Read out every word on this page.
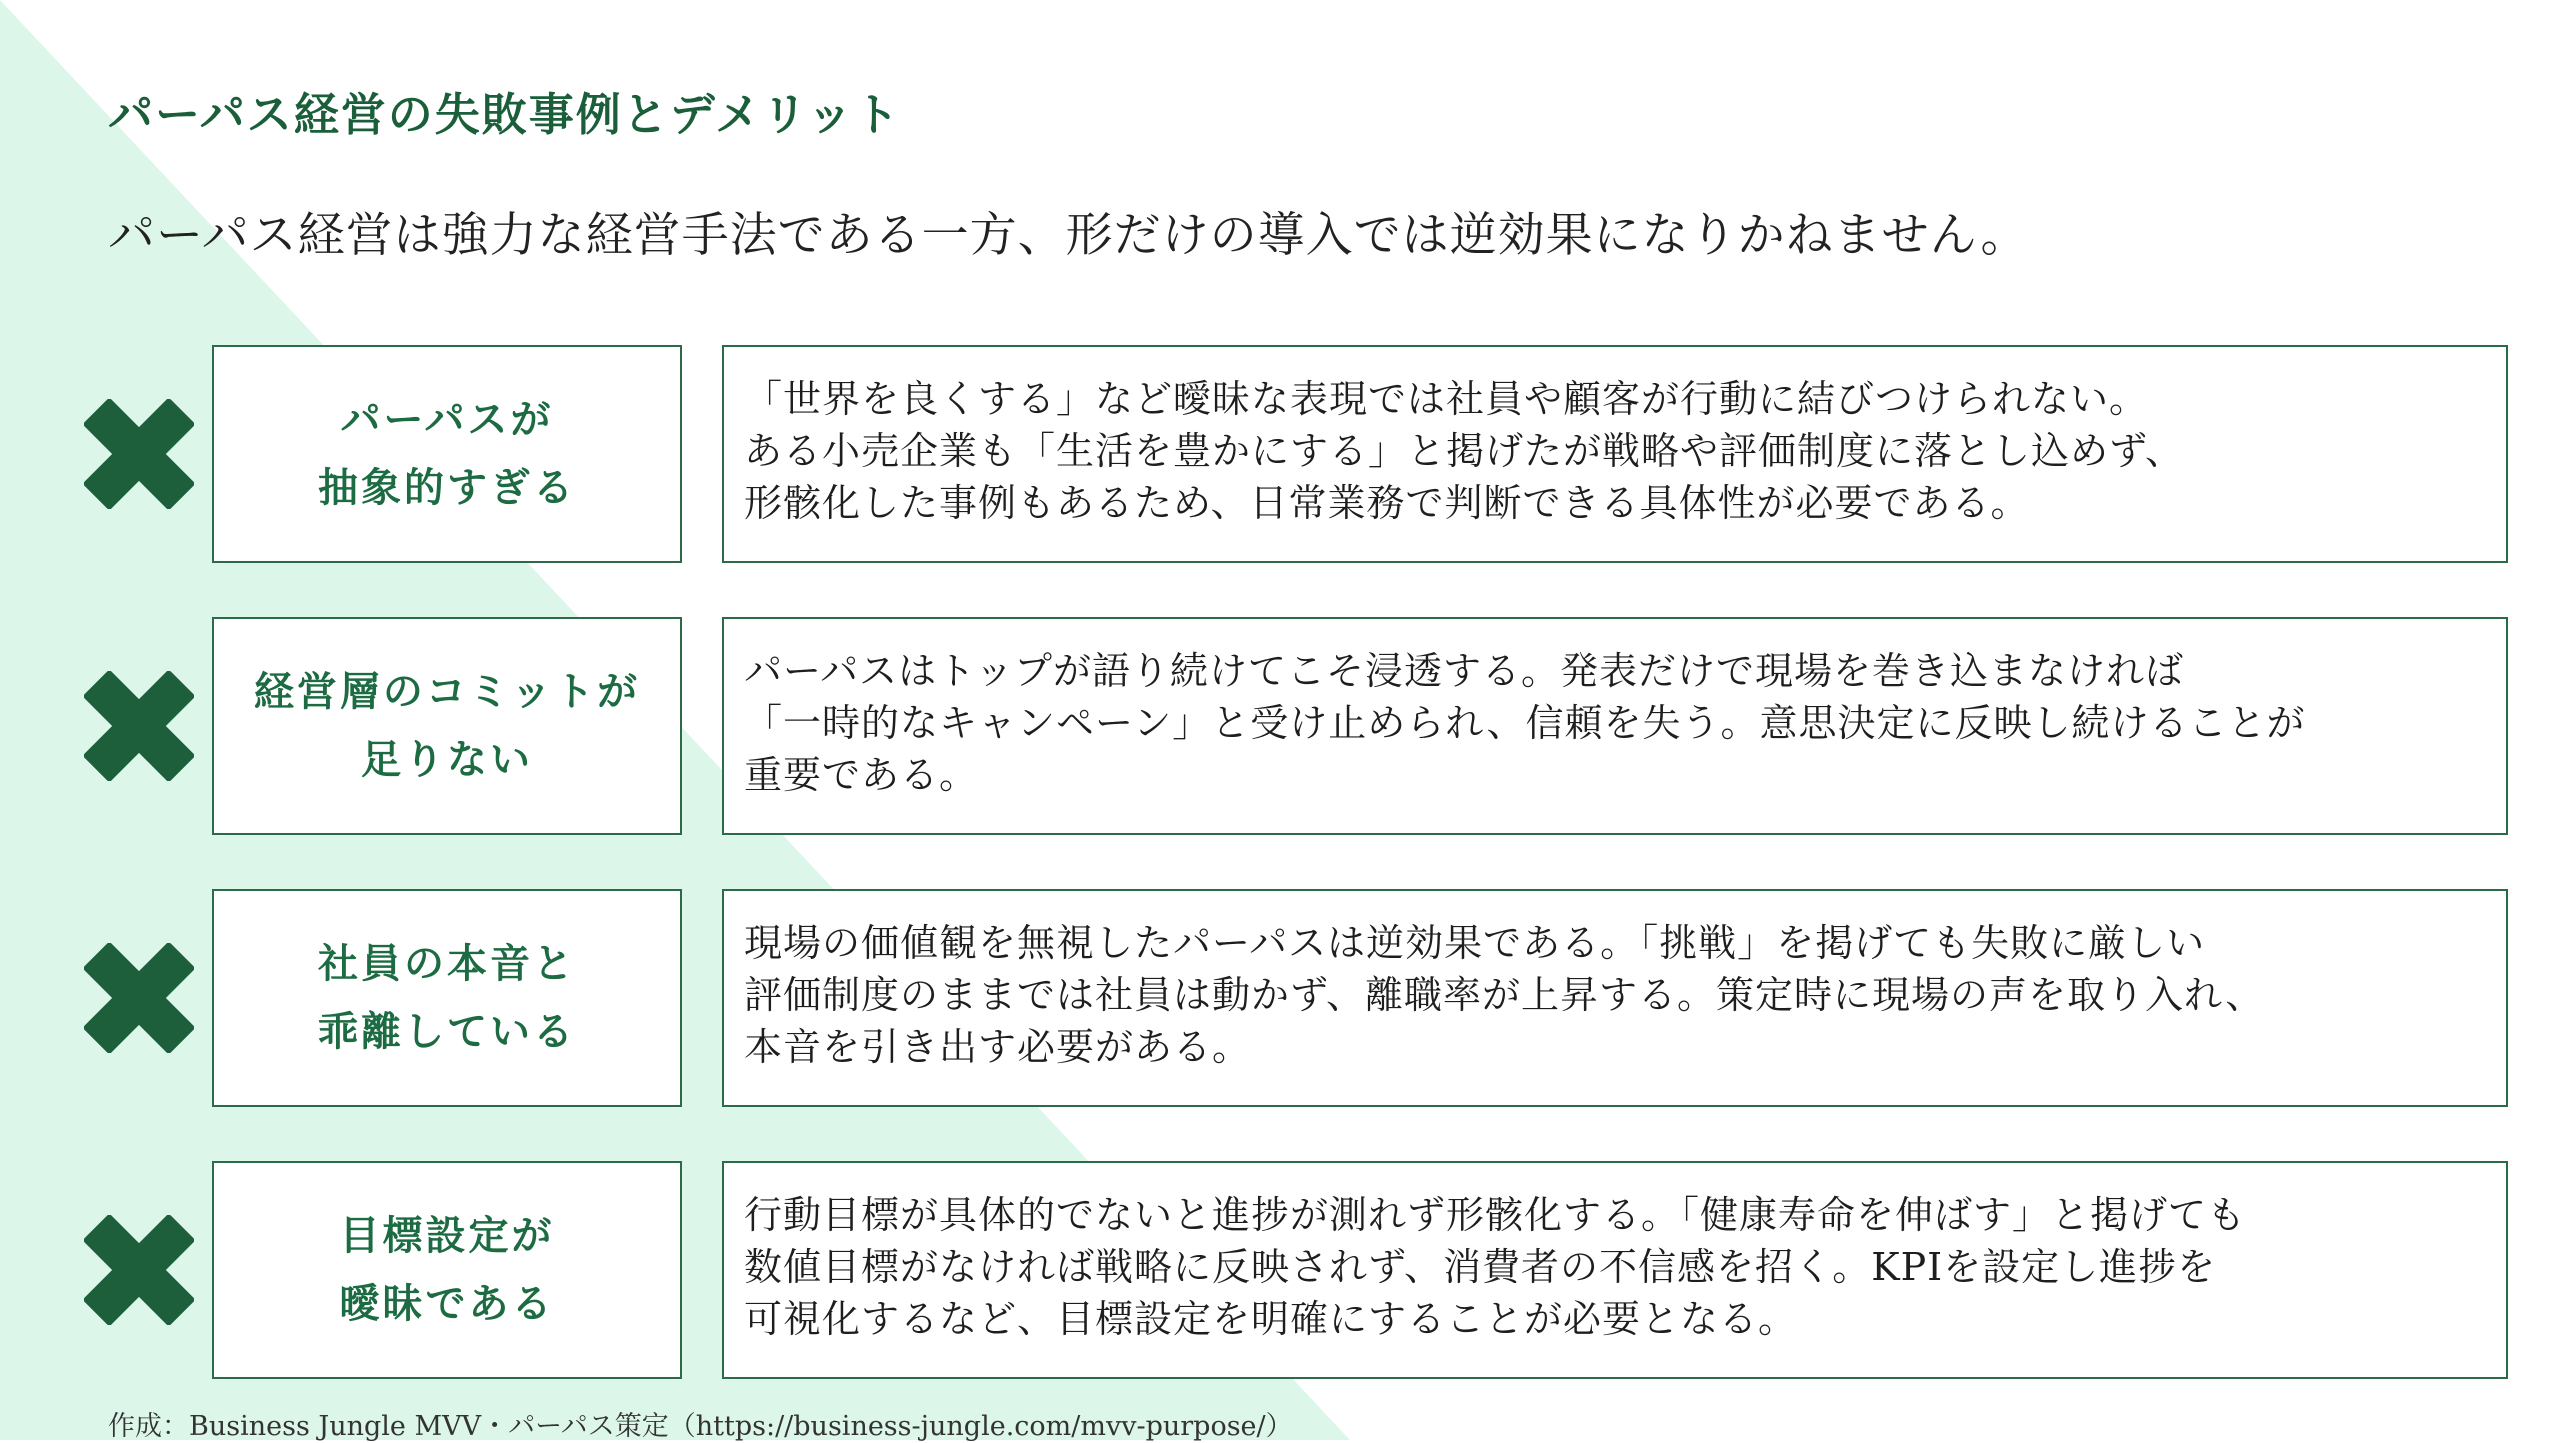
パーパス経営の失敗事例とデメリット

パーパス経営は強力な経営手法である一方、形だけの導入では逆効果になりかねません。

パーパスが
抽象的すぎる
「世界を良くする」など曖昧な表現では社員や顧客が行動に結びつけられない。
ある小売企業も「生活を豊かにする」と掲げたが戦略や評価制度に落とし込めず、
形骸化した事例もあるため、日常業務で判断できる具体性が必要である。
経営層のコミットが
足りない
パーパスはトップが語り続けてこそ浸透する。発表だけで現場を巻き込まなければ
「一時的なキャンペーン」と受け止められ、信頼を失う。意思決定に反映し続けることが
重要である。
社員の本音と
乖離している
現場の価値観を無視したパーパスは逆効果である。「挑戦」を掲げても失敗に厳しい
評価制度のままでは社員は動かず、離職率が上昇する。策定時に現場の声を取り入れ、
本音を引き出す必要がある。
目標設定が
曖昧である
行動目標が具体的でないと進捗が測れず形骸化する。「健康寿命を伸ばす」と掲げても
数値目標がなければ戦略に反映されず、消費者の不信感を招く。KPIを設定し進捗を
可視化するなど、目標設定を明確にすることが必要となる。

作成：Business Jungle MVV・パーパス策定（https://business-jungle.com/mvv-purpose/）
